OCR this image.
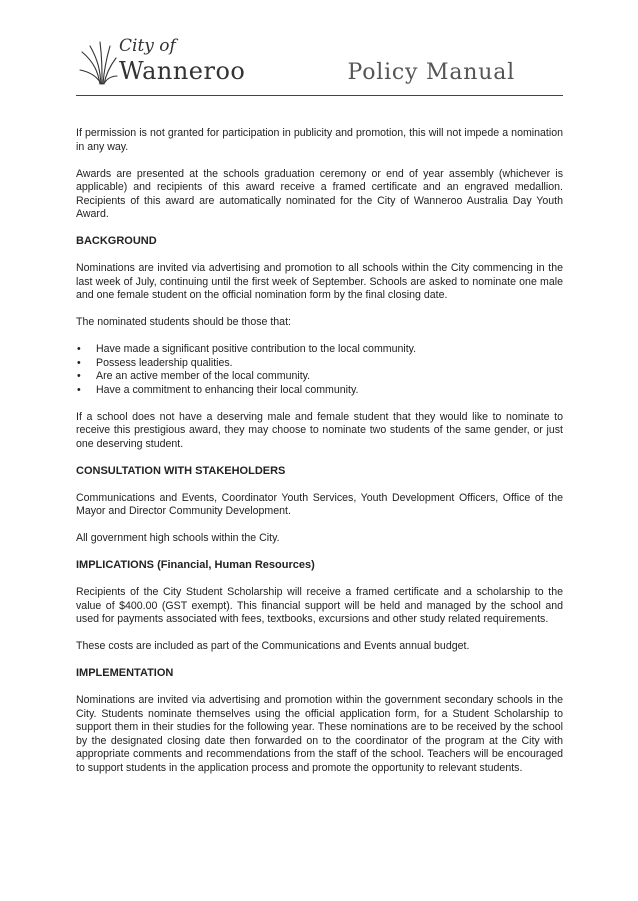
City of
Wanneroo	Policy Manual

If permission is not granted for participation in publicity and promotion, this will not impede a nomination in any way.

Awards are presented at the schools graduation ceremony or end of year assembly (whichever is applicable) and recipients of this award receive a framed certificate and an engraved medallion. Recipients of this award are automatically nominated for the City of Wanneroo Australia Day Youth Award.

BACKGROUND

Nominations are invited via advertising and promotion to all schools within the City commencing in the last week of July, continuing until the first week of September. Schools are asked to nominate one male and one female student on the official nomination form by the final closing date.

The nominated students should be those that:

• Have made a significant positive contribution to the local community.
• Possess leadership qualities.
• Are an active member of the local community.
• Have a commitment to enhancing their local community.

If a school does not have a deserving male and female student that they would like to nominate to receive this prestigious award, they may choose to nominate two students of the same gender, or just one deserving student.

CONSULTATION WITH STAKEHOLDERS

Communications and Events, Coordinator Youth Services, Youth Development Officers, Office of the Mayor and Director Community Development.

All government high schools within the City.

IMPLICATIONS (Financial, Human Resources)

Recipients of the City Student Scholarship will receive a framed certificate and a scholarship to the value of $400.00 (GST exempt). This financial support will be held and managed by the school and used for payments associated with fees, textbooks, excursions and other study related requirements.

These costs are included as part of the Communications and Events annual budget.

IMPLEMENTATION

Nominations are invited via advertising and promotion within the government secondary schools in the City. Students nominate themselves using the official application form, for a Student Scholarship to support them in their studies for the following year. These nominations are to be received by the school by the designated closing date then forwarded on to the coordinator of the program at the City with appropriate comments and recommendations from the staff of the school. Teachers will be encouraged to support students in the application process and promote the opportunity to relevant students.
